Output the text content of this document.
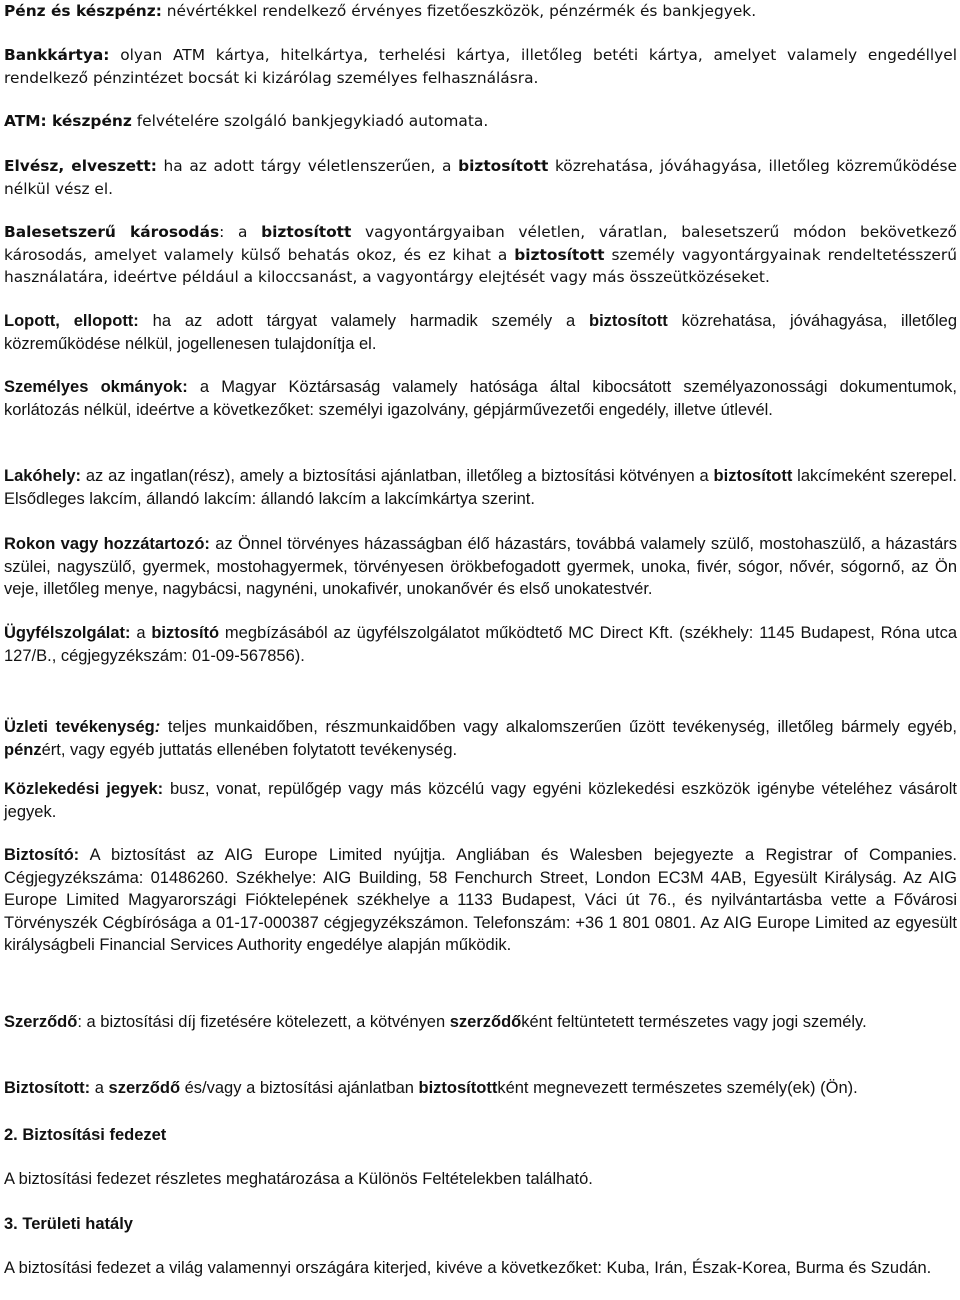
Pénz és készpénz: névértékkel rendelkező érvényes fizetőeszközök, pénzérmék és bankjegyek.

Bankkártya: olyan ATM kártya, hitelkártya, terhelési kártya, illetőleg betéti kártya, amelyet valamely engedéllyel rendelkező pénzintézet bocsát ki kizárólag személyes felhasználásra.

ATM: készpénz felvételére szolgáló bankjegykiadó automata.

Elvész, elveszett: ha az adott tárgy véletlenszerűen, a biztosított közrehatása, jóváhagyása, illetőleg közreműködése nélkül vész el.

Balesetszerű károsodás: a biztosított vagyontárgyaiban véletlen, váratlan, balesetszerű módon bekövetkező károsodás, amelyet valamely külső behatás okoz, és ez kihat a biztosított személy vagyontárgyainak rendeltetésszerű használatára, ideértve például a kiloccsanást, a vagyontárgy elejtését vagy más összeütközéseket.

Lopott, ellopott: ha az adott tárgyat valamely harmadik személy a biztosított közrehatása, jóváhagyása, illetőleg közreműködése nélkül, jogellenesen tulajdonítja el.

Személyes okmányok: a Magyar Köztársaság valamely hatósága által kibocsátott személyazonossági dokumentumok, korlátozás nélkül, ideértve a következőket: személyi igazolvány, gépjárművezetői engedély, illetve útlevél.

Lakóhely: az az ingatlan(rész), amely a biztosítási ajánlatban, illetőleg a biztosítási kötvényen a biztosított lakcímeként szerepel. Elsődleges lakcím, állandó lakcím: állandó lakcím a lakcímkártya szerint.

Rokon vagy hozzátartozó: az Önnel törvényes házasságban élő házastárs, továbbá valamely szülő, mostohaszülő, a házastárs szülei, nagyszülő, gyermek, mostohagyermek, törvényesen örökbefogadott gyermek, unoka, fivér, sógor, nővér, sógornő, az Ön veje, illetőleg menye, nagybácsi, nagynéni, unokafivér, unokanővér és első unokatestvér.

Ügyfélszolgálat: a biztosító megbízásából az ügyfélszolgálatot működtető MC Direct Kft. (székhely: 1145 Budapest, Róna utca 127/B., cégjegyzékszám: 01-09-567856).

Üzleti tevékenység: teljes munkaidőben, részmunkaidőben vagy alkalomszerűen űzött tevékenység, illetőleg bármely egyéb, pénzért, vagy egyéb juttatás ellenében folytatott tevékenység.

Közlekedési jegyek: busz, vonat, repülőgép vagy más közcélú vagy egyéni közlekedési eszközök igénybe vételéhez vásárolt jegyek.

Biztosító: A biztosítást az AIG Europe Limited nyújtja. Angliában és Walesben bejegyezte a Registrar of Companies. Cégjegyzékszáma: 01486260. Székhelye: AIG Building, 58 Fenchurch Street, London EC3M 4AB, Egyesült Királyság. Az AIG Europe Limited Magyarországi Fióktelepének székhelye a 1133 Budapest, Váci út 76., és nyilvántartásba vette a Fővárosi Törvényszék Cégbírósága a 01-17-000387 cégjegyzékszámon. Telefonszám: +36 1 801 0801. Az AIG Europe Limited az egyesült királyságbeli Financial Services Authority engedélye alapján működik.

Szerződő: a biztosítási díj fizetésére kötelezett, a kötvényen szerződőként feltüntetett természetes vagy jogi személy.

Biztosított: a szerződő és/vagy a biztosítási ajánlatban biztosítottként megnevezett természetes személy(ek) (Ön).

2. Biztosítási fedezet

A biztosítási fedezet részletes meghatározása a Különös Feltételekben található.

3. Területi hatály

A biztosítási fedezet a világ valamennyi országára kiterjed, kivéve a következőket: Kuba, Irán, Észak-Korea, Burma és Szudán.
